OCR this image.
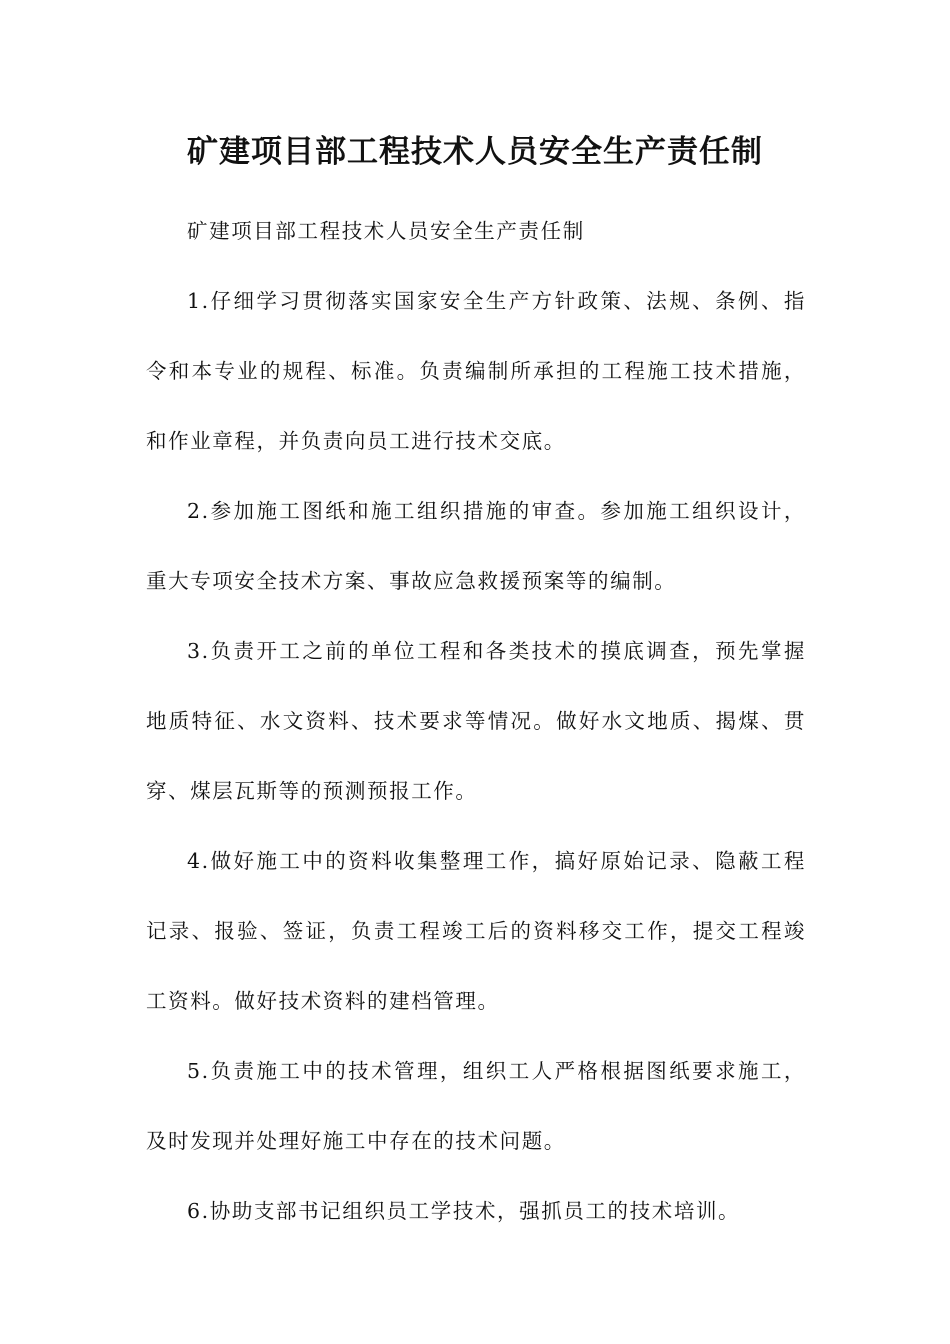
矿建项目部工程技术人员安全生产责任制

矿建项目部工程技术人员安全生产责任制

1.仔细学习贯彻落实国家安全生产方针政策、法规、条例、指令和本专业的规程、标准。负责编制所承担的工程施工技术措施，和作业章程，并负责向员工进行技术交底。

2.参加施工图纸和施工组织措施的审查。参加施工组织设计，重大专项安全技术方案、事故应急救援预案等的编制。

3.负责开工之前的单位工程和各类技术的摸底调查，预先掌握地质特征、水文资料、技术要求等情况。做好水文地质、揭煤、贯穿、煤层瓦斯等的预测预报工作。

4.做好施工中的资料收集整理工作，搞好原始记录、隐蔽工程记录、报验、签证，负责工程竣工后的资料移交工作，提交工程竣工资料。做好技术资料的建档管理。

5.负责施工中的技术管理，组织工人严格根据图纸要求施工，及时发现并处理好施工中存在的技术问题。

6.协助支部书记组织员工学技术，强抓员工的技术培训。
